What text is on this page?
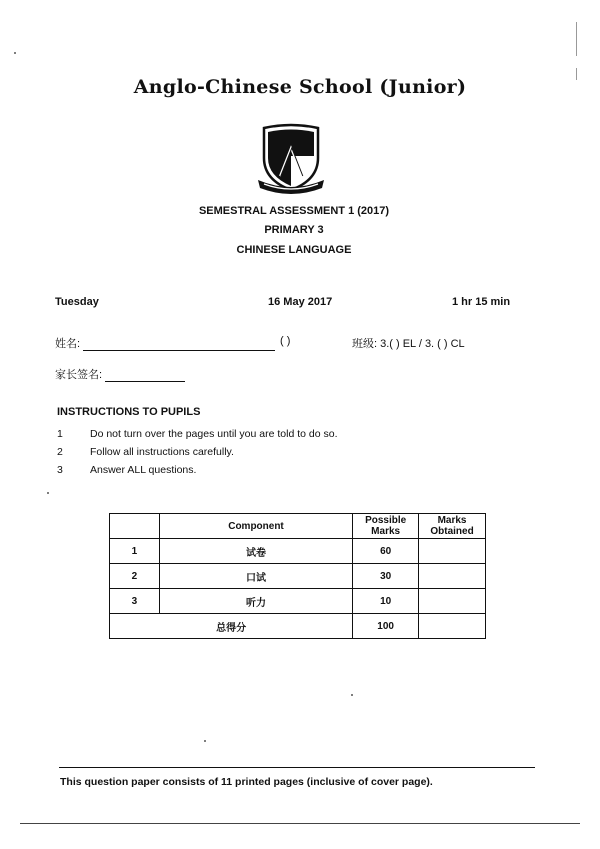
Anglo-Chinese School (Junior)
SEMESTRAL ASSESSMENT 1 (2017)
PRIMARY 3
CHINESE LANGUAGE
Tuesday	16 May 2017	1 hr 15 min
姓名:	( )	班级: 3.( ) EL / 3. ( ) CL
家长签名:
INSTRUCTIONS TO PUPILS
1	Do not turn over the pages until you are told to do so.
2	Follow all instructions carefully.
3	Answer ALL questions.
	Component	Possible Marks	Marks Obtained
1	试卷	60	
2	口试	30	
3	听力	10	
总得分		100	
This question paper consists of 11 printed pages (inclusive of cover page).
